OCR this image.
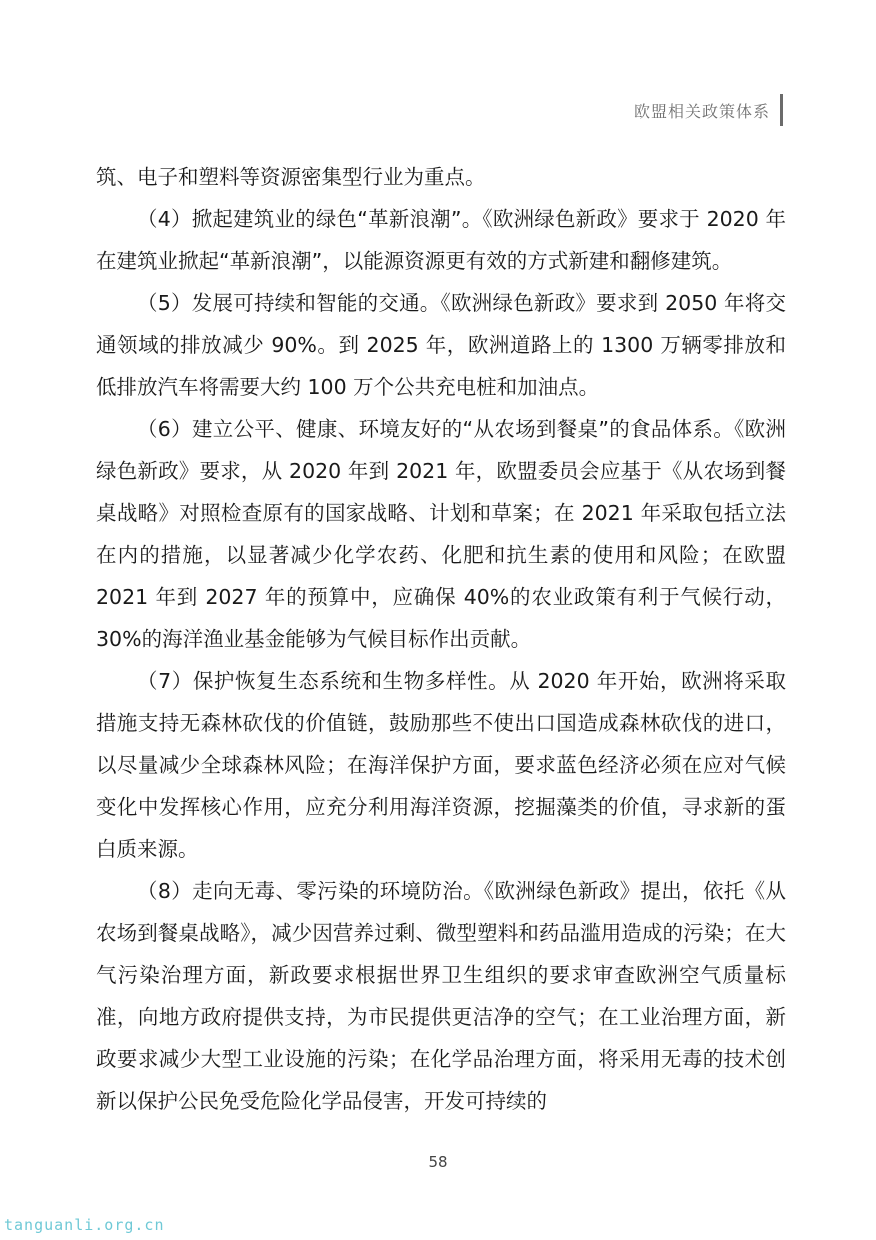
欧盟相关政策体系

筑、电子和塑料等资源密集型行业为重点。

（4）掀起建筑业的绿色“革新浪潮”。《欧洲绿色新政》要求于 2020 年在建筑业掀起“革新浪潮”，以能源资源更有效的方式新建和翻修建筑。

（5）发展可持续和智能的交通。《欧洲绿色新政》要求到 2050 年将交通领域的排放减少 90%。到 2025 年，欧洲道路上的 1300 万辆零排放和低排放汽车将需要大约 100 万个公共充电桩和加油点。

（6）建立公平、健康、环境友好的“从农场到餐桌”的食品体系。《欧洲绿色新政》要求，从 2020 年到 2021 年，欧盟委员会应基于《从农场到餐桌战略》对照检查原有的国家战略、计划和草案；在 2021 年采取包括立法在内的措施，以显著减少化学农药、化肥和抗生素的使用和风险；在欧盟 2021 年到 2027 年的预算中，应确保 40%的农业政策有利于气候行动，30%的海洋渔业基金能够为气候目标作出贡献。

（7）保护恢复生态系统和生物多样性。从 2020 年开始，欧洲将采取措施支持无森林砍伐的价值链，鼓励那些不使出口国造成森林砍伐的进口，以尽量减少全球森林风险；在海洋保护方面，要求蓝色经济必须在应对气候变化中发挥核心作用，应充分利用海洋资源，挖掘藻类的价值，寻求新的蛋白质来源。

（8）走向无毒、零污染的环境防治。《欧洲绿色新政》提出，依托《从农场到餐桌战略》，减少因营养过剩、微型塑料和药品滥用造成的污染；在大气污染治理方面，新政要求根据世界卫生组织的要求审查欧洲空气质量标准，向地方政府提供支持，为市民提供更洁净的空气；在工业治理方面，新政要求减少大型工业设施的污染；在化学品治理方面，将采用无毒的技术创新以保护公民免受危险化学品侵害，开发可持续的

58
tanguanli.org.cn
